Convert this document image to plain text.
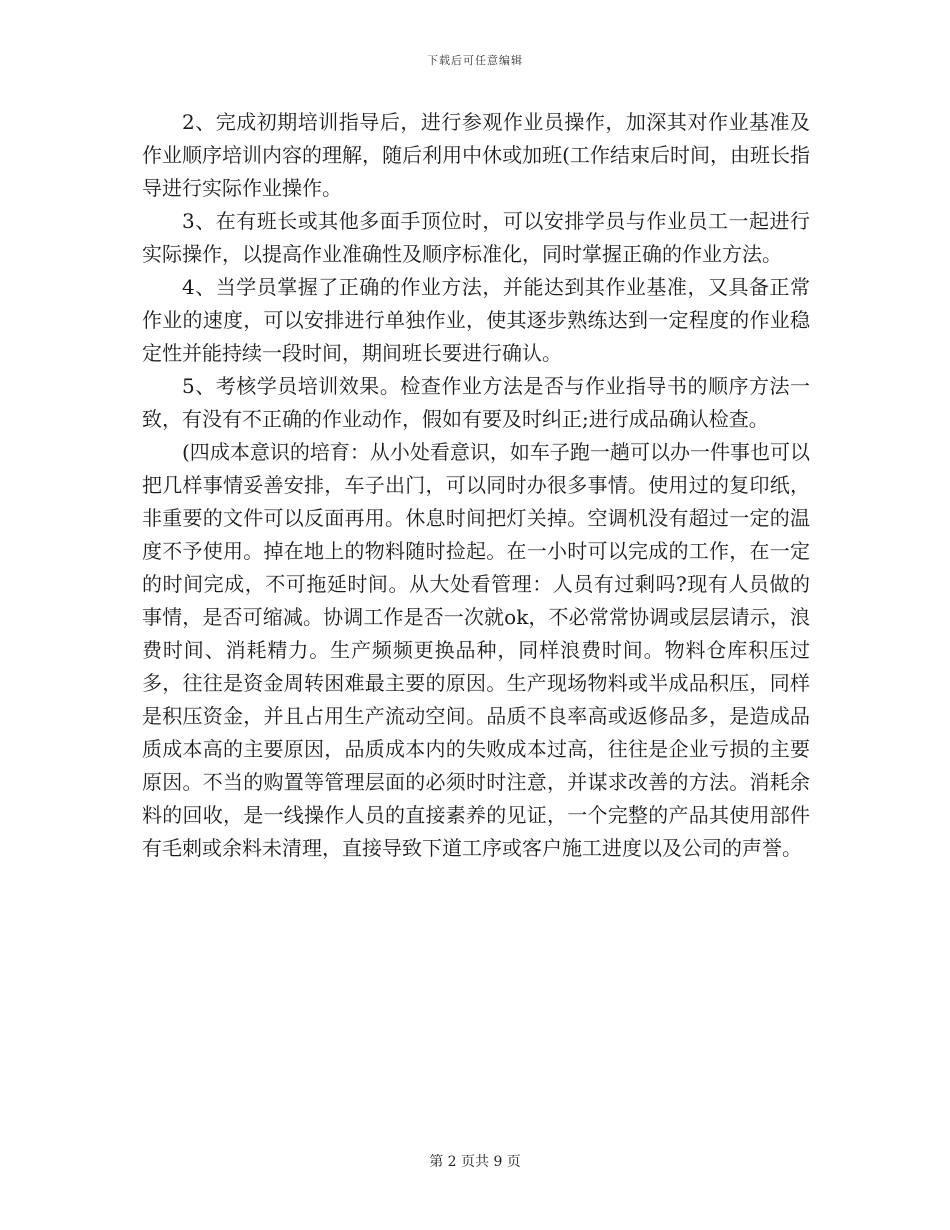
下载后可任意编辑

2、完成初期培训指导后，进行参观作业员操作，加深其对作业基准及作业顺序培训内容的理解，随后利用中休或加班(工作结束后时间，由班长指导进行实际作业操作。

3、在有班长或其他多面手顶位时，可以安排学员与作业员工一起进行实际操作，以提高作业准确性及顺序标准化，同时掌握正确的作业方法。

4、当学员掌握了正确的作业方法，并能达到其作业基准，又具备正常作业的速度，可以安排进行单独作业，使其逐步熟练达到一定程度的作业稳定性并能持续一段时间，期间班长要进行确认。

5、考核学员培训效果。检查作业方法是否与作业指导书的顺序方法一致，有没有不正确的作业动作，假如有要及时纠正;进行成品确认检查。

(四成本意识的培育：从小处看意识，如车子跑一趟可以办一件事也可以把几样事情妥善安排，车子出门，可以同时办很多事情。使用过的复印纸，非重要的文件可以反面再用。休息时间把灯关掉。空调机没有超过一定的温度不予使用。掉在地上的物料随时捡起。在一小时可以完成的工作，在一定的时间完成，不可拖延时间。从大处看管理：人员有过剩吗?现有人员做的事情，是否可缩减。协调工作是否一次就ok，不必常常协调或层层请示，浪费时间、消耗精力。生产频频更换品种，同样浪费时间。物料仓库积压过多，往往是资金周转困难最主要的原因。生产现场物料或半成品积压，同样是积压资金，并且占用生产流动空间。品质不良率高或返修品多，是造成品质成本高的主要原因，品质成本内的失败成本过高，往往是企业亏损的主要原因。不当的购置等管理层面的必须时时注意，并谋求改善的方法。消耗余料的回收，是一线操作人员的直接素养的见证，一个完整的产品其使用部件有毛刺或余料未清理，直接导致下道工序或客户施工进度以及公司的声誉。

第 2 页共 9 页
